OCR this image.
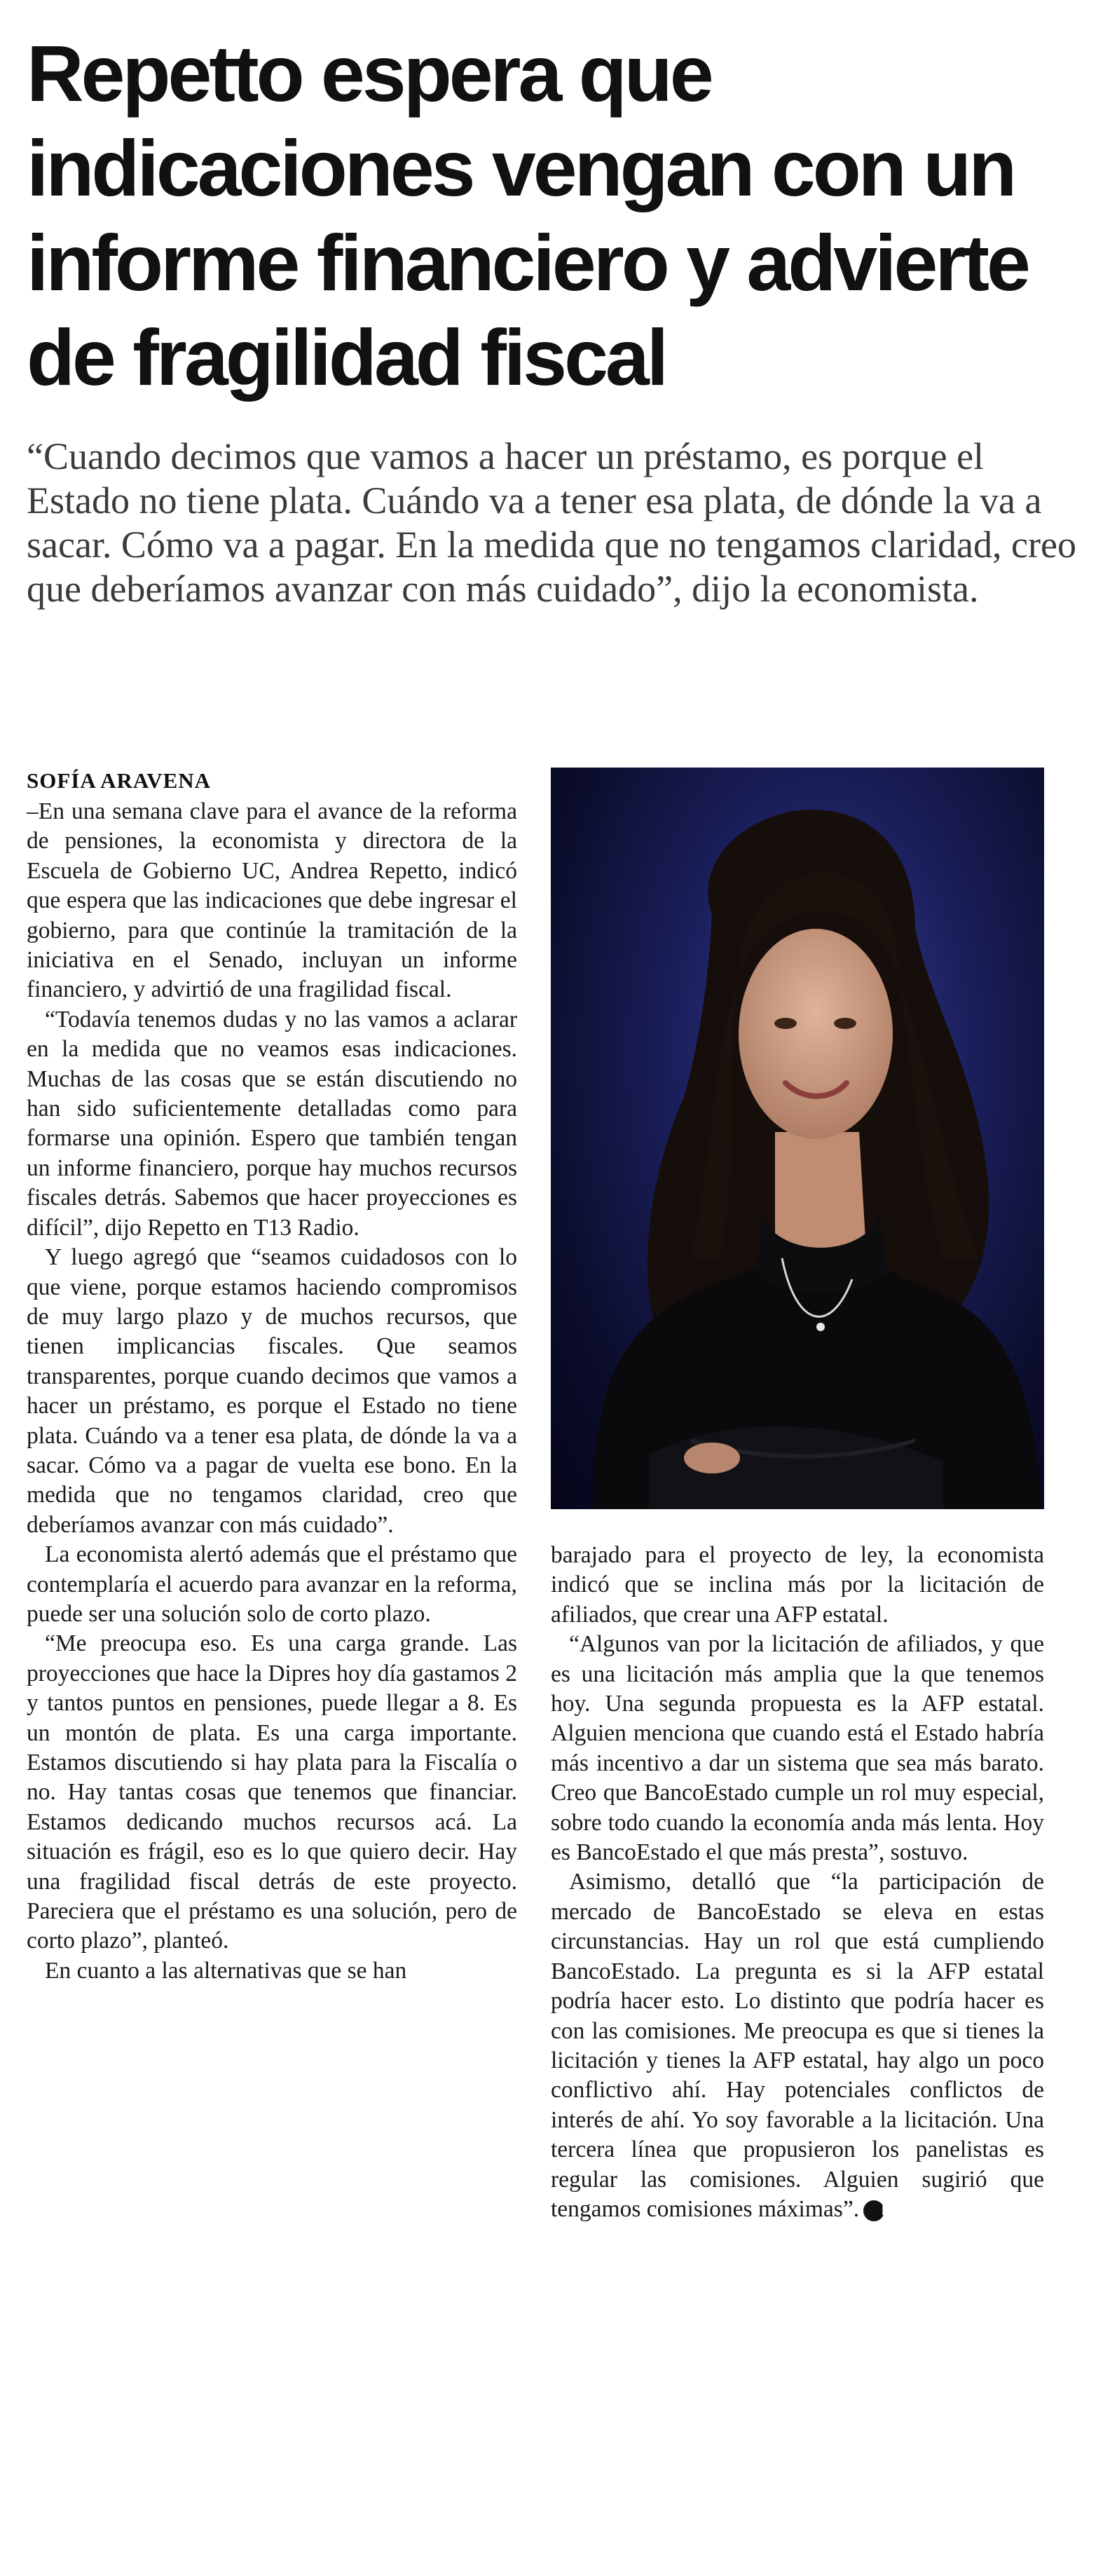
Repetto espera que indicaciones vengan con un informe financiero y advierte de fragilidad fiscal

“Cuando decimos que vamos a hacer un préstamo, es porque el Estado no tiene plata. Cuándo va a tener esa plata, de dónde la va a sacar. Cómo va a pagar. En la medida que no tengamos claridad, creo que deberíamos avanzar con más cuidado”, dijo la economista.

SOFÍA ARAVENA

–En una semana clave para el avance de la reforma de pensiones, la economista y directora de la Escuela de Gobierno UC, Andrea Repetto, indicó que espera que las indicaciones que debe ingresar el gobierno, para que continúe la tramitación de la iniciativa en el Senado, incluyan un informe financiero, y advirtió de una fragilidad fiscal.

“Todavía tenemos dudas y no las vamos a aclarar en la medida que no veamos esas indicaciones. Muchas de las cosas que se están discutiendo no han sido suficientemente detalladas como para formarse una opinión. Espero que también tengan un informe financiero, porque hay muchos recursos fiscales detrás. Sabemos que hacer proyecciones es difícil”, dijo Repetto en T13 Radio.

Y luego agregó que “seamos cuidadosos con lo que viene, porque estamos haciendo compromisos de muy largo plazo y de muchos recursos, que tienen implicancias fiscales. Que seamos transparentes, porque cuando decimos que vamos a hacer un préstamo, es porque el Estado no tiene plata. Cuándo va a tener esa plata, de dónde la va a sacar. Cómo va a pagar de vuelta ese bono. En la medida que no tengamos claridad, creo que deberíamos avanzar con más cuidado”.

La economista alertó además que el préstamo que contemplaría el acuerdo para avanzar en la reforma, puede ser una solución solo de corto plazo.

“Me preocupa eso. Es una carga grande. Las proyecciones que hace la Dipres hoy día gastamos 2 y tantos puntos en pensiones, puede llegar a 8. Es un montón de plata. Es una carga importante. Estamos discutiendo si hay plata para la Fiscalía o no. Hay tantas cosas que tenemos que financiar. Estamos dedicando muchos recursos acá. La situación es frágil, eso es lo que quiero decir. Hay una fragilidad fiscal detrás de este proyecto. Pareciera que el préstamo es una solución, pero de corto plazo”, planteó.

En cuanto a las alternativas que se han

barajado para el proyecto de ley, la economista indicó que se inclina más por la licitación de afiliados, que crear una AFP estatal.

“Algunos van por la licitación de afiliados, y que es una licitación más amplia que la que tenemos hoy. Una segunda propuesta es la AFP estatal. Alguien menciona que cuando está el Estado habría más incentivo a dar un sistema que sea más barato. Creo que BancoEstado cumple un rol muy especial, sobre todo cuando la economía anda más lenta. Hoy es BancoEstado el que más presta”, sostuvo.

Asimismo, detalló que “la participación de mercado de BancoEstado se eleva en estas circunstancias. Hay un rol que está cumpliendo BancoEstado. La pregunta es si la AFP estatal podría hacer esto. Lo distinto que podría hacer es con las comisiones. Me preocupa es que si tienes la licitación y tienes la AFP estatal, hay algo un poco conflictivo ahí. Hay potenciales conflictos de interés de ahí. Yo soy favorable a la licitación. Una tercera línea que propusieron los panelistas es regular las comisiones. Alguien sugirió que tengamos comisiones máximas”. P
